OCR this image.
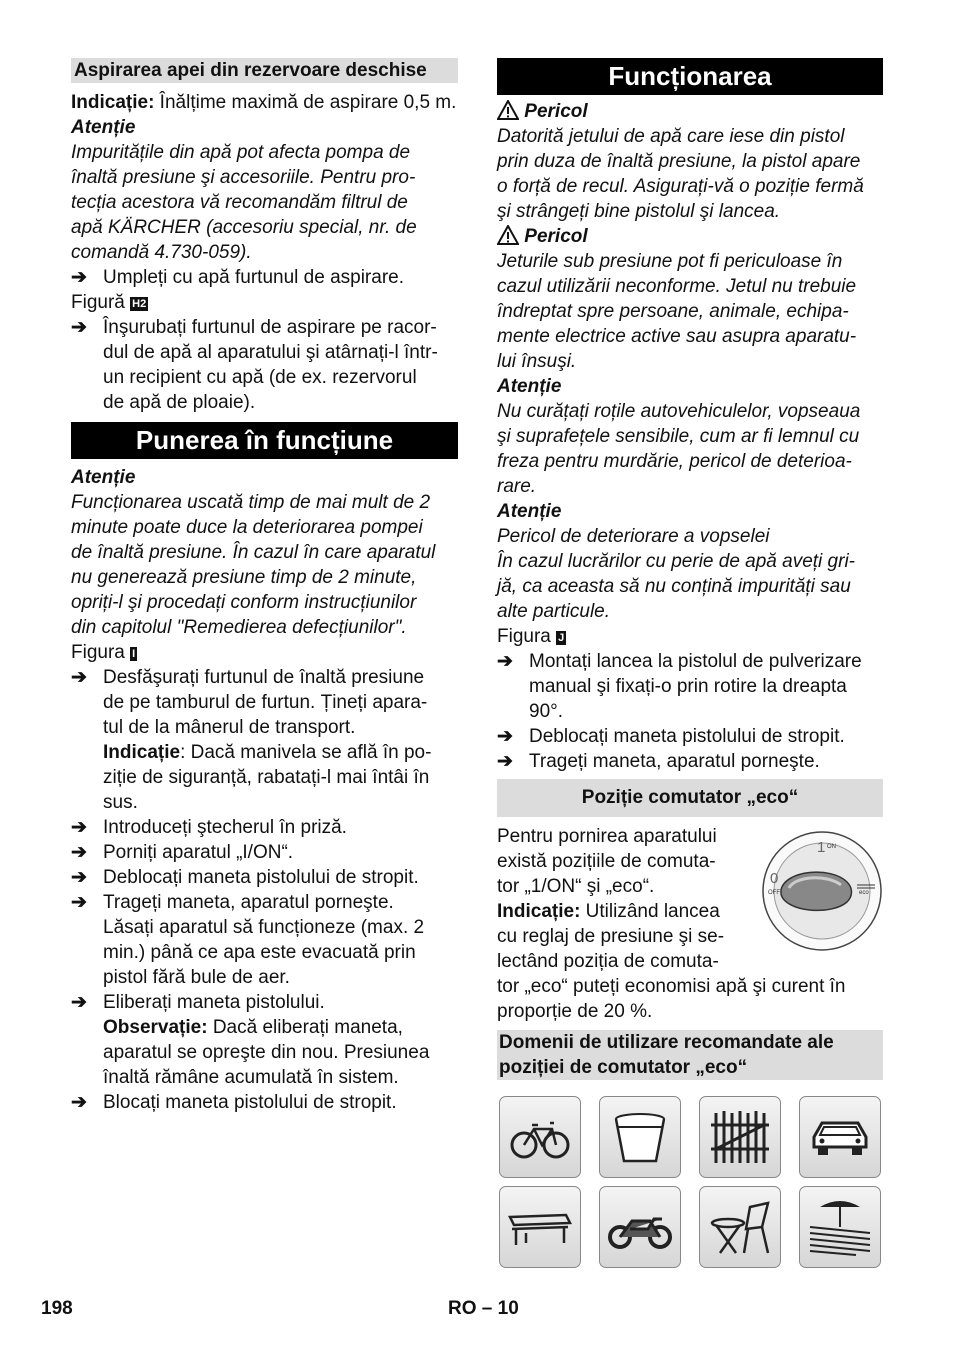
Aspirarea apei din rezervoare deschise

Indicație: Înălțime maximă de aspirare 0,5 m.

Atenție

Impuritățile din apă pot afecta pompa de

înaltă presiune şi accesoriile. Pentru pro-

tecția acestora vă recomandăm filtrul de

apă KÄRCHER (accesoriu special, nr. de

comandă 4.730-059).

➔ Umpleți cu apă furtunul de aspirare.

Figură H2

➔ Înşurubați furtunul de aspirare pe racor-

dul de apă al aparatului şi atârnați-l într-

un recipient cu apă (de ex. rezervorul

de apă de ploaie).

Punerea în funcțiune

Atenție

Funcționarea uscată timp de mai mult de 2

minute poate duce la deteriorarea pompei

de înaltă presiune. În cazul în care aparatul

nu generează presiune timp de 2 minute,

opriți-l şi procedați conform instrucțiunilor

din capitolul "Remedierea defecțiunilor".

Figura I

➔ Desfăşurați furtunul de înaltă presiune

de pe tamburul de furtun. Țineți apara-

tul de la mânerul de transport.

Indicație: Dacă manivela se află în po-

ziție de siguranță, rabatați-l mai întâi în

sus.

➔ Introduceți ştecherul în priză.

➔ Porniți aparatul „I/ON“.

➔ Deblocați maneta pistolului de stropit.

➔ Trageți maneta, aparatul porneşte.

Lăsați aparatul să funcționeze (max. 2

min.) până ce apa este evacuată prin

pistol fără bule de aer.

➔ Eliberați maneta pistolului.

Observație: Dacă eliberați maneta,

aparatul se opreşte din nou. Presiunea

înaltă rămâne acumulată în sistem.

➔ Blocați maneta pistolului de stropit.

Funcționarea

Pericol

Datorită jetului de apă care iese din pistol

prin duza de înaltă presiune, la pistol apare

o forță de recul. Asigurați-vă o poziție fermă

şi strângeți bine pistolul şi lancea.

Pericol

Jeturile sub presiune pot fi periculoase în

cazul utilizării neconforme. Jetul nu trebuie

îndreptat spre persoane, animale, echipa-

mente electrice active sau asupra aparatu-

lui însuşi.

Atenție

Nu curățați roțile autovehiculelor, vopseaua

şi suprafețele sensibile, cum ar fi lemnul cu

freza pentru murdărie, pericol de deterioa-

rare.

Atenție

Pericol de deteriorare a vopselei

În cazul lucrărilor cu perie de apă aveți gri-

jă, ca aceasta să nu conțină impurități sau

alte particule.

Figura J

➔ Montați lancea la pistolul de pulverizare

manual şi fixați-o prin rotire la dreapta

90°.

➔ Deblocați maneta pistolului de stropit.

➔ Trageți maneta, aparatul porneşte.

Poziție comutator „eco“
1 ON
0
OFF	eco

Pentru pornirea aparatului

există pozițiile de comuta-

tor „1/ON“ şi „eco“.

Indicație: Utilizând lancea

cu reglaj de presiune şi se-

lectând poziția de comuta-

tor „eco“ puteți economisi apă şi curent în

proporție de 20 %.

Domenii de utilizare recomandate ale

poziției de comutator „eco“

198	RO – 10
